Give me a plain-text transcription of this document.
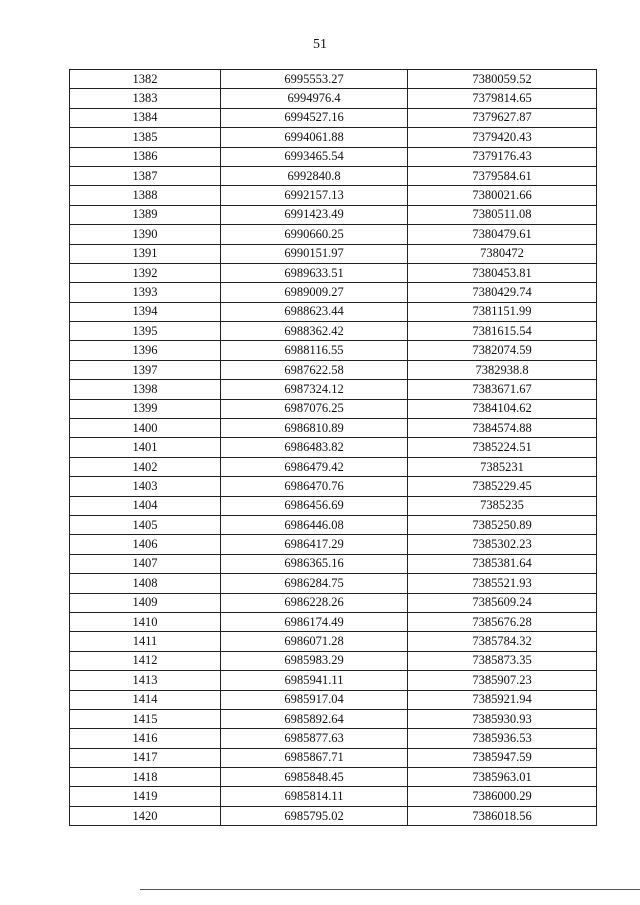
51
1382	6995553.27	7380059.52
1383	6994976.4	7379814.65
1384	6994527.16	7379627.87
1385	6994061.88	7379420.43
1386	6993465.54	7379176.43
1387	6992840.8	7379584.61
1388	6992157.13	7380021.66
1389	6991423.49	7380511.08
1390	6990660.25	7380479.61
1391	6990151.97	7380472
1392	6989633.51	7380453.81
1393	6989009.27	7380429.74
1394	6988623.44	7381151.99
1395	6988362.42	7381615.54
1396	6988116.55	7382074.59
1397	6987622.58	7382938.8
1398	6987324.12	7383671.67
1399	6987076.25	7384104.62
1400	6986810.89	7384574.88
1401	6986483.82	7385224.51
1402	6986479.42	7385231
1403	6986470.76	7385229.45
1404	6986456.69	7385235
1405	6986446.08	7385250.89
1406	6986417.29	7385302.23
1407	6986365.16	7385381.64
1408	6986284.75	7385521.93
1409	6986228.26	7385609.24
1410	6986174.49	7385676.28
1411	6986071.28	7385784.32
1412	6985983.29	7385873.35
1413	6985941.11	7385907.23
1414	6985917.04	7385921.94
1415	6985892.64	7385930.93
1416	6985877.63	7385936.53
1417	6985867.71	7385947.59
1418	6985848.45	7385963.01
1419	6985814.11	7386000.29
1420	6985795.02	7386018.56
